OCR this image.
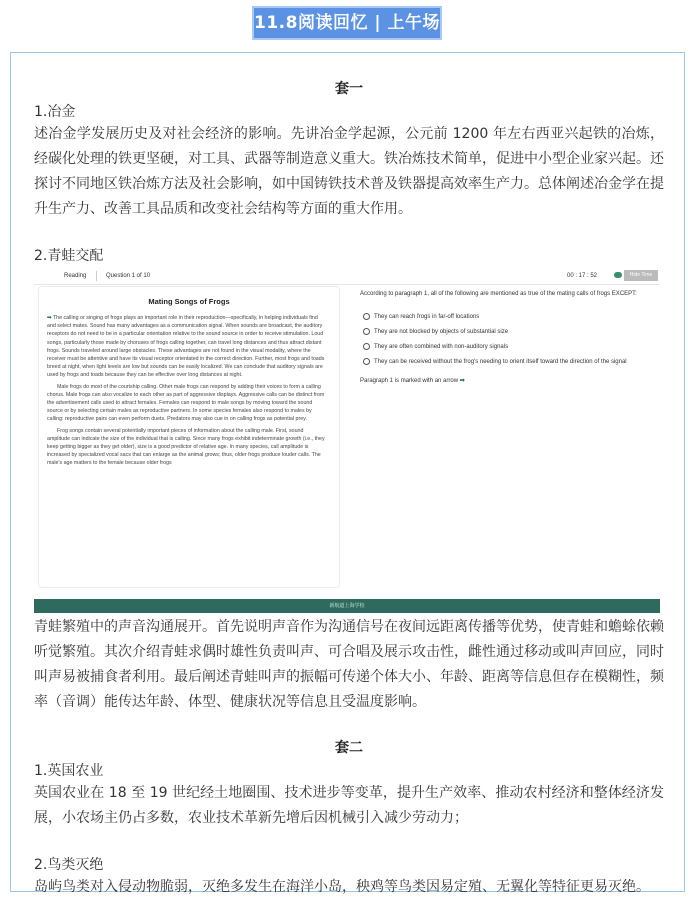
11.8阅读回忆 | 上午场
套一
1.冶金

述冶金学发展历史及对社会经济的影响。先讲冶金学起源，公元前 1200 年左右西亚兴起铁的冶炼，经碳化处理的铁更坚硬，对工具、武器等制造意义重大。铁冶炼技术简单，促进中小型企业家兴起。还探讨不同地区铁冶炼方法及社会影响，如中国铸铁技术普及铁器提高效率生产力。总体阐述冶金学在提升生产力、改善工具品质和改变社会结构等方面的重大作用。

2.青蛙交配
Reading	Question 1 of 10	00 : 17 : 52	Hide Time
Mating Songs of Frogs

➡ The calling or singing of frogs plays an important role in their reproduction—specifically, in helping individuals find and select mates. Sound has many advantages as a communication signal. When sounds are broadcast, the auditory receptors do not need to be in a particular orientation relative to the sound source in order to receive stimulation. Loud songs, particularly those made by choruses of frogs calling together, can travel long distances and thus attract distant frogs. Sounds traveled around large obstacles. These advantages are not found in the visual modality, where the receiver must be attentive and have its visual receptor orientated in the correct direction. Further, most frogs and toads breed at night, when light levels are low but sounds can be easily localized. We can conclude that auditory signals are used by frogs and toads because they can be effective over long distances at night.

Male frogs do most of the courtship calling. Other male frogs can respond by adding their voices to form a calling chorus. Male frogs can also vocalize to each other as part of aggressive displays. Aggressive calls can be distinct from the advertisement calls used to attract females. Females can respond to male songs by moving toward the sound source or by selecting certain males as reproductive partners. In some species females also respond to males by calling: reproductive pairs can even perform duets. Predators may also cue in on calling frogs as potential prey.

Frog songs contain several potentially important pieces of information about the calling male. First, sound amplitude can indicate the size of the individual that is calling. Since many frogs exhibit indeterminate growth (i.e., they keep getting bigger as they get older), size is a good predictor of relative age. In many species, call amplitude is increased by specialized vocal sacs that can enlarge as the animal grows; thus, older frogs produce louder calls. The male's age matters to the female because older frogs

According to paragraph 1, all of the following are mentioned as true of the mating calls of frogs EXCEPT:
They can reach frogs in far-off locations
They are not blocked by objects of substantial size
They are often combined with non-auditory signals
They can be received without the frog's needing to orient itself toward the direction of the signal
Paragraph 1 is marked with an arrow ➡
新航道上海学校

青蛙繁殖中的声音沟通展开。首先说明声音作为沟通信号在夜间远距离传播等优势，使青蛙和蟾蜍依赖听觉繁殖。其次介绍青蛙求偶时雄性负责叫声、可合唱及展示攻击性，雌性通过移动或叫声回应，同时叫声易被捕食者利用。最后阐述青蛙叫声的振幅可传递个体大小、年龄、距离等信息但存在模糊性，频率（音调）能传达年龄、体型、健康状况等信息且受温度影响。

套二
1.英国农业

英国农业在 18 至 19 世纪经土地圈围、技术进步等变革，提升生产效率、推动农村经济和整体经济发展，小农场主仍占多数，农业技术革新先增后因机械引入减少劳动力；

2.鸟类灭绝

岛屿鸟类对入侵动物脆弱，灭绝多发生在海洋小岛，秧鸡等鸟类因易定殖、无翼化等特征更易灭绝。
